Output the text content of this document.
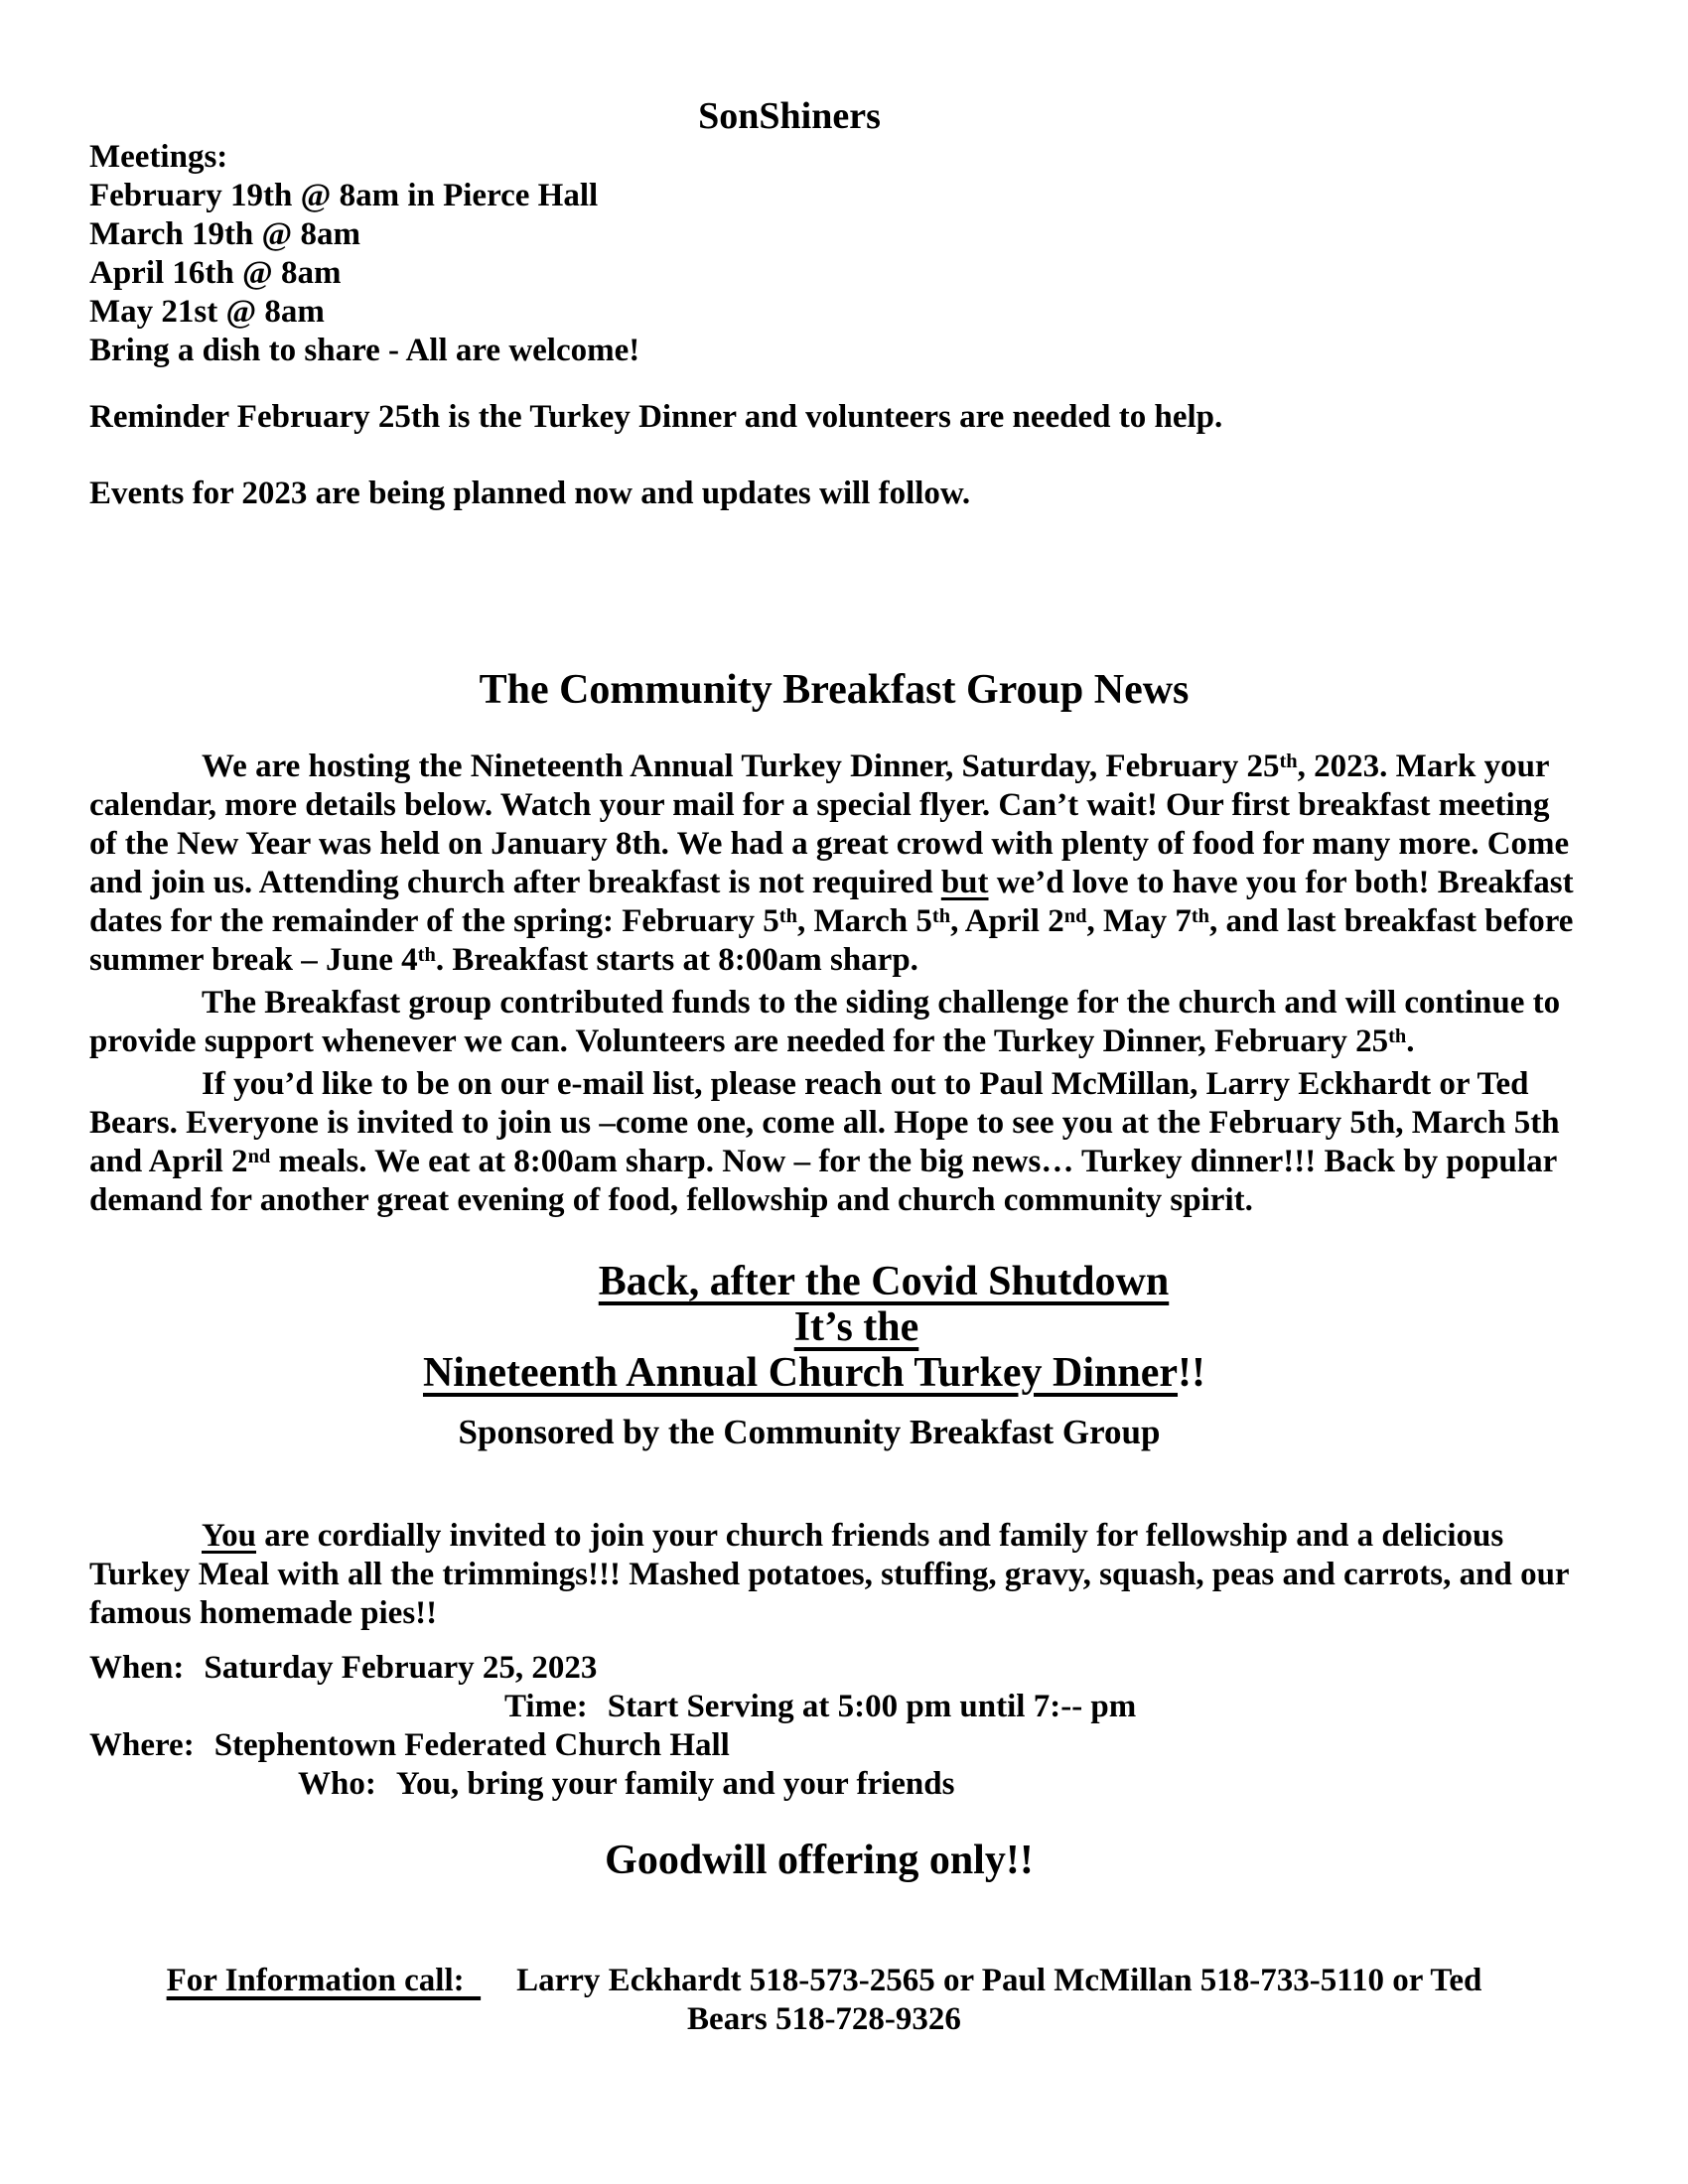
SonShiners
Meetings:
February 19th @ 8am in Pierce Hall
March 19th @ 8am
April 16th @ 8am
May 21st @ 8am
Bring a dish to share - All are welcome!
Reminder February 25th is the Turkey Dinner and volunteers are needed to help.
Events for 2023 are being planned now and updates will follow.
The Community Breakfast Group News

We are hosting the Nineteenth Annual Turkey Dinner, Saturday, February 25th, 2023. Mark your calendar, more details below. Watch your mail for a special flyer. Can’t wait! Our first breakfast meeting of the New Year was held on January 8th. We had a great crowd with plenty of food for many more. Come and join us. Attending church after breakfast is not required but we’d love to have you for both! Breakfast dates for the remainder of the spring: February 5th, March 5th, April 2nd, May 7th, and last breakfast before summer break – June 4th. Breakfast starts at 8:00am sharp.

The Breakfast group contributed funds to the siding challenge for the church and will continue to provide support whenever we can. Volunteers are needed for the Turkey Dinner, February 25th.

If you’d like to be on our e-mail list, please reach out to Paul McMillan, Larry Eckhardt or Ted Bears. Everyone is invited to join us –come one, come all. Hope to see you at the February 5th, March 5th and April 2nd meals. We eat at 8:00am sharp. Now – for the big news… Turkey dinner!!! Back by popular demand for another great evening of food, fellowship and church community spirit.

Back, after the Covid Shutdown
It’s the
Nineteenth Annual Church Turkey Dinner!!
Sponsored by the Community Breakfast Group

You are cordially invited to join your church friends and family for fellowship and a delicious Turkey Meal with all the trimmings!!! Mashed potatoes, stuffing, gravy, squash, peas and carrots, and our famous homemade pies!!

When: Saturday February 25, 2023
Time: Start Serving at 5:00 pm until 7:-- pm
Where: Stephentown Federated Church Hall
Who: You, bring your family and your friends
Goodwill offering only!!
For Information call:  Larry Eckhardt 518-573-2565 or Paul McMillan 518-733-5110 or Ted
Bears 518-728-9326
